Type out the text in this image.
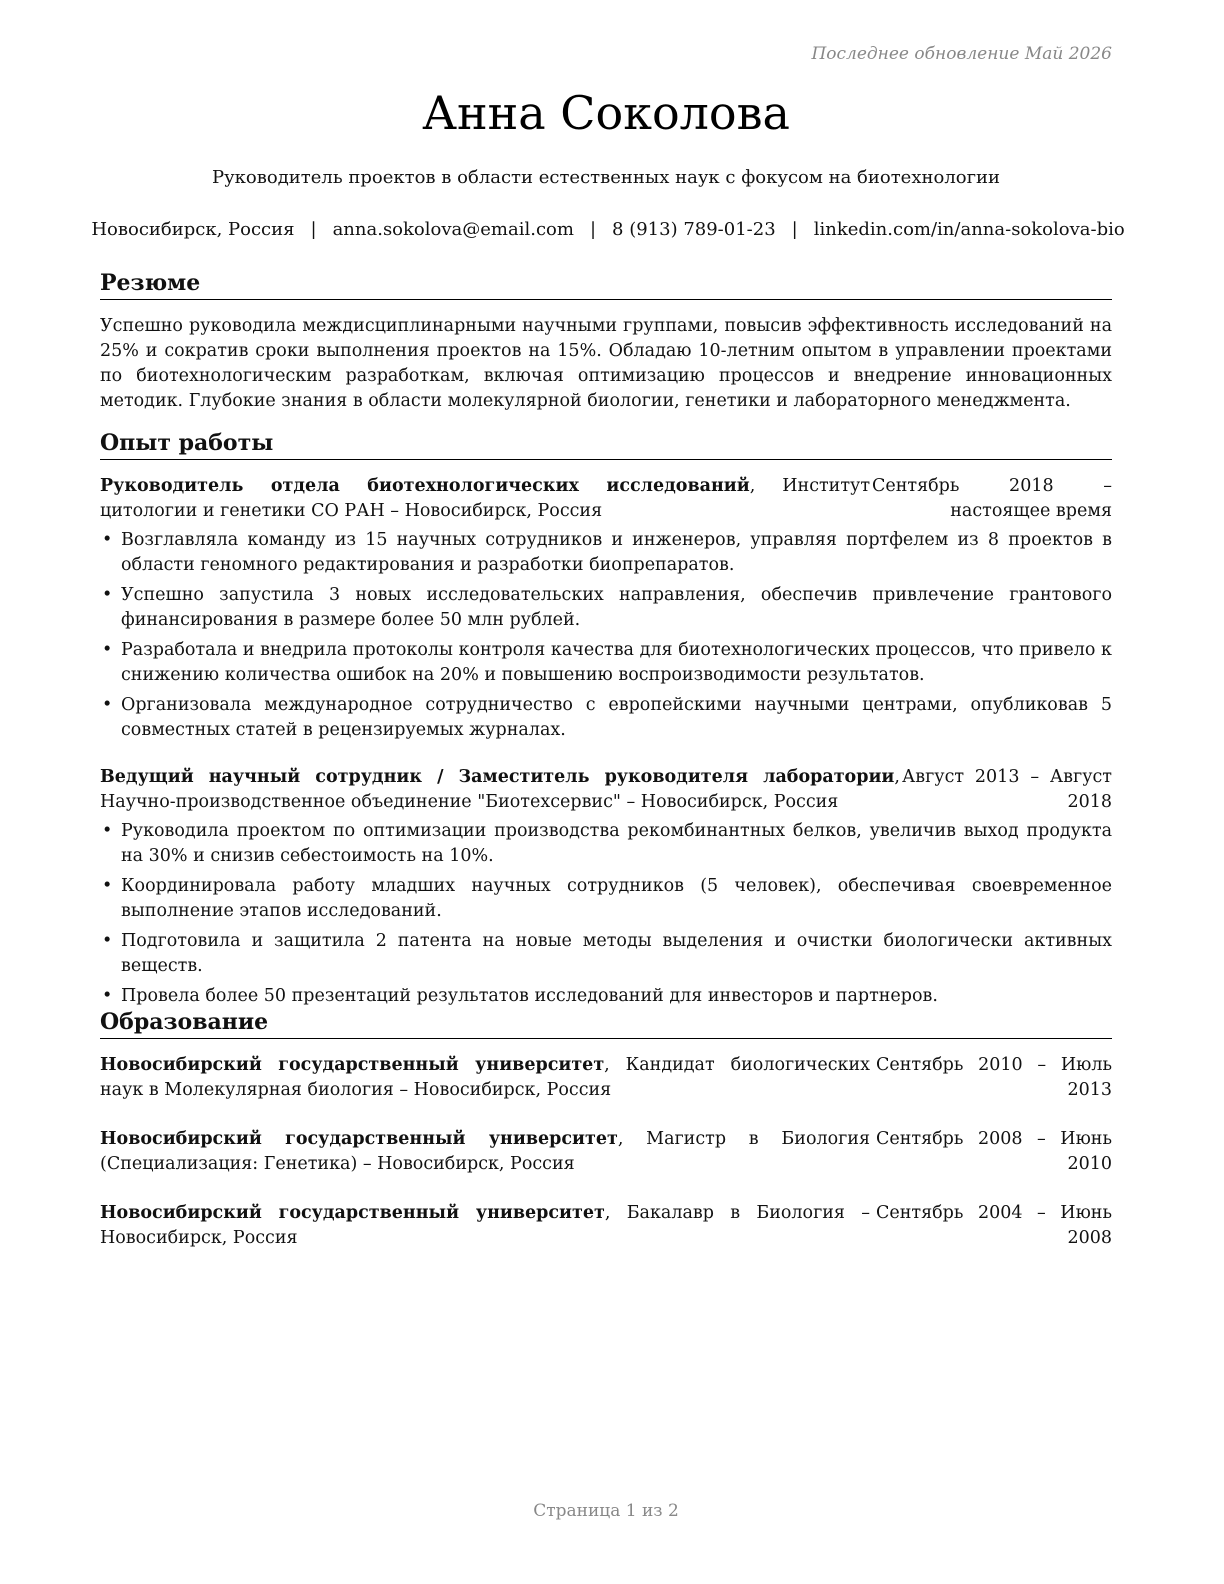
Последнее обновление Май 2026
Анна Соколова
Руководитель проектов в области естественных наук с фокусом на биотехнологии
Новосибирск, Россия | anna.sokolova@email.com | 8 (913) 789-01-23 | linkedin.com/in/anna-sokolova-bio
Резюме
Успешно руководила междисциплинарными научными группами, повысив эффективность исследований на 25% и сократив сроки выполнения проектов на 15%. Обладаю 10-летним опытом в управлении проектами по биотехнологическим разработкам, включая оптимизацию процессов и внедрение инновационных методик. Глубокие знания в области молекулярной биологии, генетики и лабораторного менеджмента.
Опыт работы
Руководитель отдела биотехнологических исследований, Институт цитологии и генетики СО РАН – Новосибирск, Россия
Сентябрь 2018 – настоящее время
• Возглавляла команду из 15 научных сотрудников и инженеров, управляя портфелем из 8 проектов в области геномного редактирования и разработки биопрепаратов.
• Успешно запустила 3 новых исследовательских направления, обеспечив привлечение грантового финансирования в размере более 50 млн рублей.
• Разработала и внедрила протоколы контроля качества для биотехнологических процессов, что привело к снижению количества ошибок на 20% и повышению воспроизводимости результатов.
• Организовала международное сотрудничество с европейскими научными центрами, опубликовав 5 совместных статей в рецензируемых журналах.
Ведущий научный сотрудник / Заместитель руководителя лаборатории, Научно-производственное объединение "Биотехсервис" – Новосибирск, Россия
Август 2013 – Август 2018
• Руководила проектом по оптимизации производства рекомбинантных белков, увеличив выход продукта на 30% и снизив себестоимость на 10%.
• Координировала работу младших научных сотрудников (5 человек), обеспечивая своевременное выполнение этапов исследований.
• Подготовила и защитила 2 патента на новые методы выделения и очистки биологически активных веществ.
• Провела более 50 презентаций результатов исследований для инвесторов и партнеров.
Образование
Новосибирский государственный университет, Кандидат биологических наук в Молекулярная биология – Новосибирск, Россия
Сентябрь 2010 – Июль 2013
Новосибирский государственный университет, Магистр в Биология (Специализация: Генетика) – Новосибирск, Россия
Сентябрь 2008 – Июнь 2010
Новосибирский государственный университет, Бакалавр в Биология – Новосибирск, Россия
Сентябрь 2004 – Июнь 2008
Страница 1 из 2
